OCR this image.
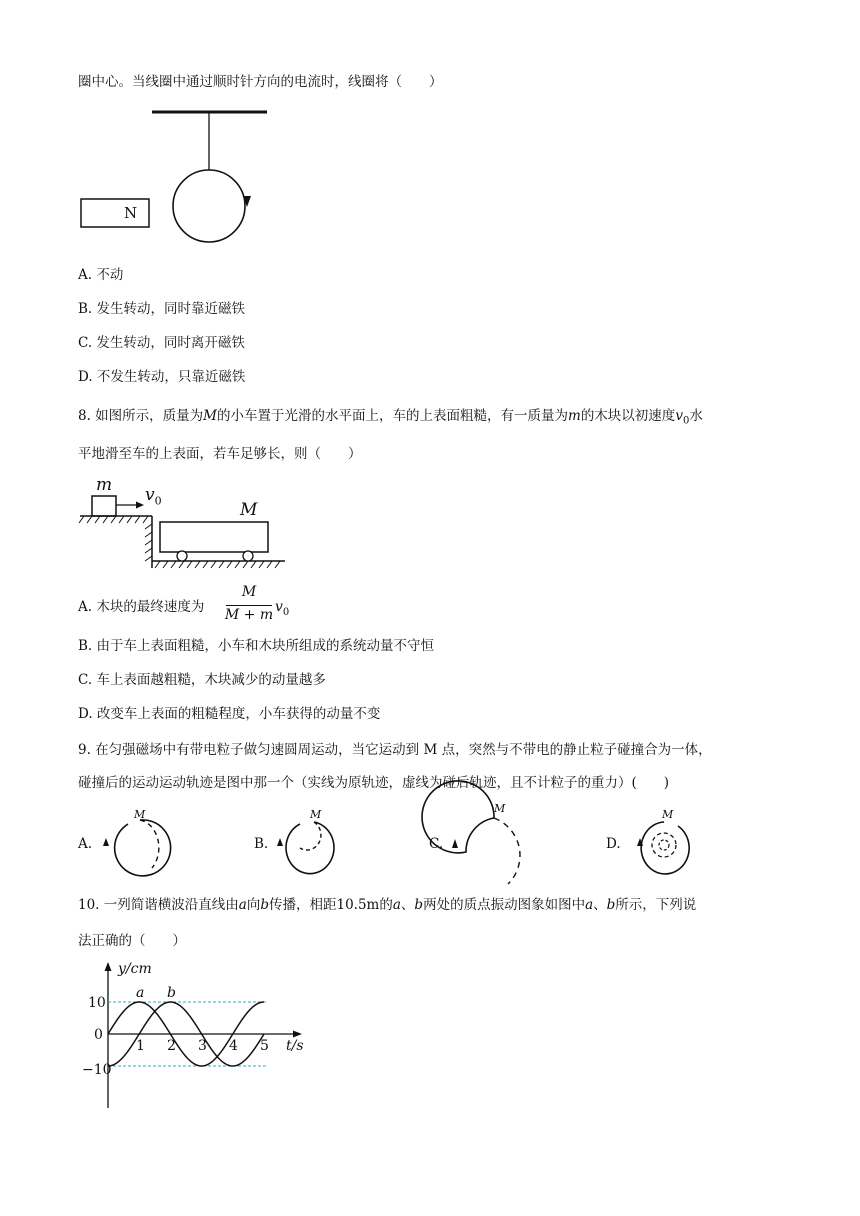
圈中心。当线圈中通过顺时针方向的电流时，线圈将（　　）
N
A. 不动
B. 发生转动，同时靠近磁铁
C. 发生转动，同时离开磁铁
D. 不发生转动，只靠近磁铁
8. 如图所示，质量为M的小车置于光滑的水平面上，车的上表面粗糙，有一质量为m的木块以初速度$v_0$水
平地滑至车的上表面，若车足够长，则（　　）
m $v_0$	M
A. 木块的最终速度为
M
M + m $v_0$
B. 由于车上表面粗糙，小车和木块所组成的系统动量不守恒
C. 车上表面越粗糙，木块减少的动量越多
D. 改变车上表面的粗糙程度，小车获得的动量不变
9. 在匀强磁场中有带电粒子做匀速圆周运动，当它运动到 M 点，突然与不带电的静止粒子碰撞合为一体，
碰撞后的运动运动轨迹是图中那一个（实线为原轨迹，虚线为碰后轨迹，且不计粒子的重力）(　　)
A.	B.	C.	D.
M	M	M	M
10. 一列简谐横波沿直线由a向b传播，相距10.5m的a、b两处的质点振动图象如图中a、b所示，下列说
法正确的（　　）
y/cm
t/s
10
0
−10
1 2 3 4 5
a b
